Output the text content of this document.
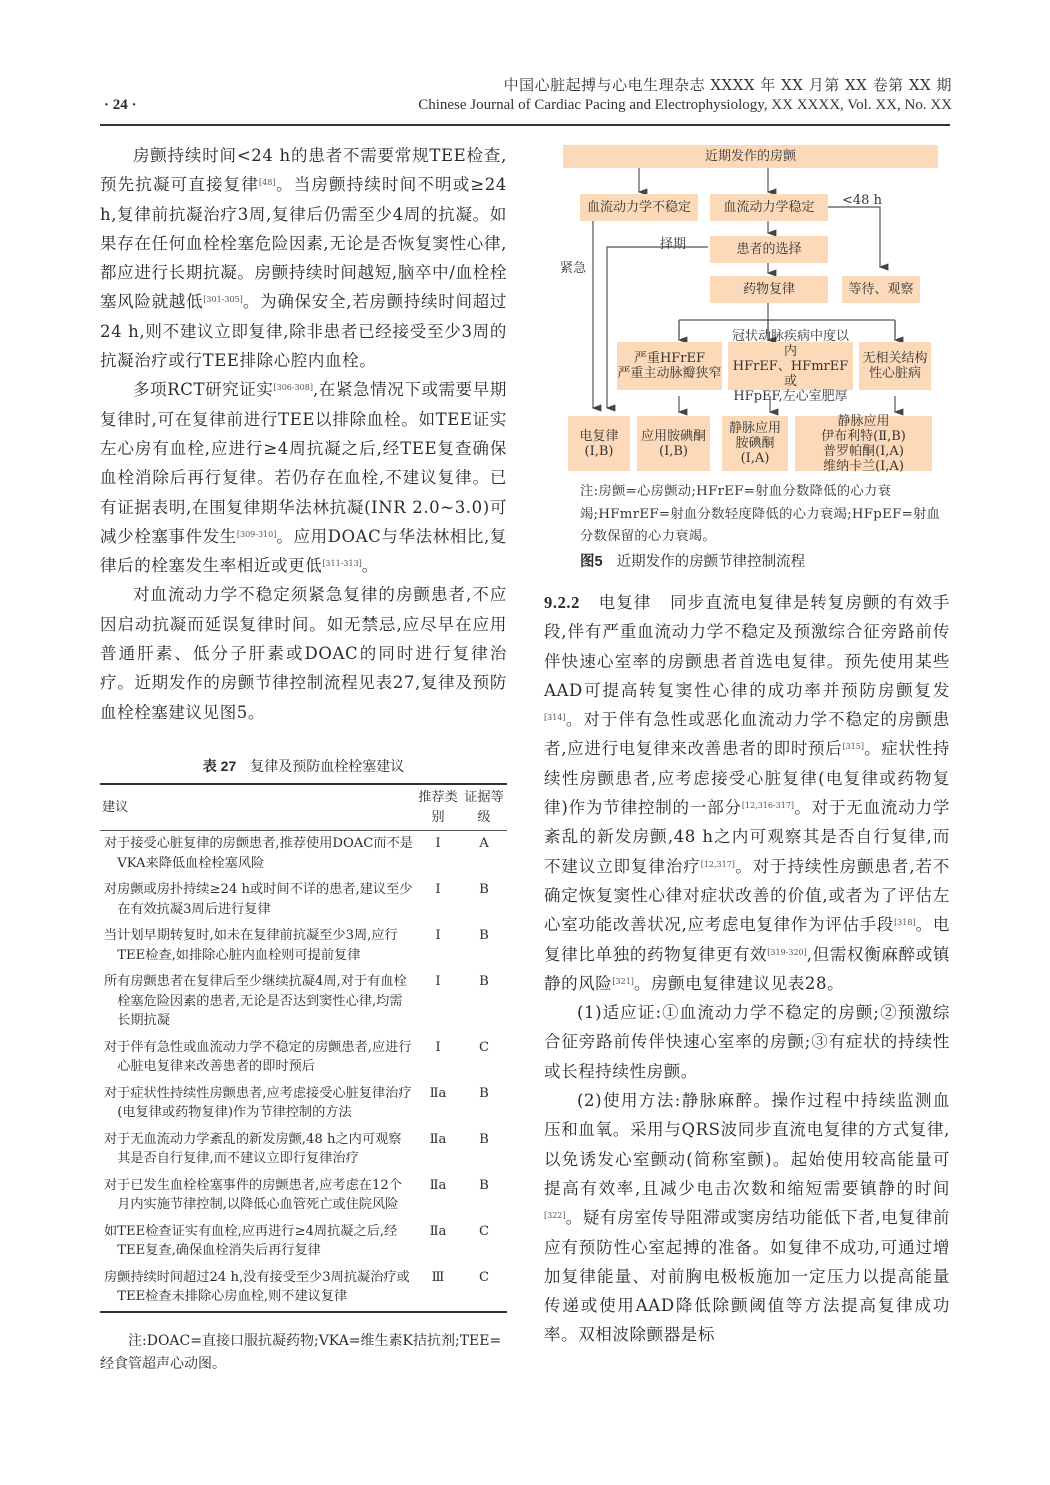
中国心脏起搏与心电生理杂志 XXXX 年 XX 月第 XX 卷第 XX 期
· 24 ·	Chinese Journal of Cardiac Pacing and Electrophysiology, XX XXXX, Vol. XX, No. XX

房颤持续时间<24 h的患者不需要常规TEE检查,预先抗凝可直接复律[48]。当房颤持续时间不明或≥24 h,复律前抗凝治疗3周,复律后仍需至少4周的抗凝。如果存在任何血栓栓塞危险因素,无论是否恢复窦性心律,都应进行长期抗凝。房颤持续时间越短,脑卒中/血栓栓塞风险就越低[301-305]。为确保安全,若房颤持续时间超过24 h,则不建议立即复律,除非患者已经接受至少3周的抗凝治疗或行TEE排除心腔内血栓。

多项RCT研究证实[306-308],在紧急情况下或需要早期复律时,可在复律前进行TEE以排除血栓。如TEE证实左心房有血栓,应进行≥4周抗凝之后,经TEE复查确保血栓消除后再行复律。若仍存在血栓,不建议复律。已有证据表明,在围复律期华法林抗凝(INR 2.0~3.0)可减少栓塞事件发生[309-310]。应用DOAC与华法林相比,复律后的栓塞发生率相近或更低[311-313]。

对血流动力学不稳定须紧急复律的房颤患者,不应因启动抗凝而延误复律时间。如无禁忌,应尽早在应用普通肝素、低分子肝素或DOAC的同时进行复律治疗。近期发作的房颤节律控制流程见表27,复律及预防血栓栓塞建议见图5。

表 27 复律及预防血栓栓塞建议
建议	推荐类别	证据等级
对于接受心脏复律的房颤患者,推荐使用DOAC而不是VKA来降低血栓栓塞风险	Ⅰ	A
对房颤或房扑持续≥24 h或时间不详的患者,建议至少在有效抗凝3周后进行复律	Ⅰ	B
当计划早期转复时,如未在复律前抗凝至少3周,应行TEE检查,如排除心脏内血栓则可提前复律	Ⅰ	B
所有房颤患者在复律后至少继续抗凝4周,对于有血栓栓塞危险因素的患者,无论是否达到窦性心律,均需长期抗凝	Ⅰ	B
对于伴有急性或血流动力学不稳定的房颤患者,应进行心脏电复律来改善患者的即时预后	Ⅰ	C
对于症状性持续性房颤患者,应考虑接受心脏复律治疗(电复律或药物复律)作为节律控制的方法	Ⅱa	B
对于无血流动力学紊乱的新发房颤,48 h之内可观察其是否自行复律,而不建议立即行复律治疗	Ⅱa	B
对于已发生血栓栓塞事件的房颤患者,应考虑在12个月内实施节律控制,以降低心血管死亡或住院风险	Ⅱa	B
如TEE检查证实有血栓,应再进行≥4周抗凝之后,经TEE复查,确保血栓消失后再行复律	Ⅱa	C
房颤持续时间超过24 h,没有接受至少3周抗凝治疗或TEE检查未排除心房血栓,则不建议复律	Ⅲ	C
注:DOAC=直接口服抗凝药物;VKA=维生素K拮抗剂;TEE=经食管超声心动图。
近期发作的房颤
血流动力学不稳定	血流动力学稳定
患者的选择
药物复律	等待、观察
严重HFrEF
严重主动脉瓣狭窄
冠状动脉疾病中度以内
HFrEF、HFmrEF或
HFpEF,左心室肥厚
无相关结构
性心脏病
电复律
(Ⅰ,B)
应用胺碘酮
(Ⅰ,B)
静脉应用
胺碘酮
(Ⅰ,A)
静脉应用
伊布利特(Ⅱ,B)
普罗帕酮(Ⅰ,A)
维纳卡兰(Ⅰ,A)
<48 h
紧急
择期
注:房颤=心房颤动;HFrEF=射血分数降低的心力衰竭;HFmrEF=射血分数轻度降低的心力衰竭;HFpEF=射血分数保留的心力衰竭。
图5 近期发作的房颤节律控制流程

9.2.2 电复律 同步直流电复律是转复房颤的有效手段,伴有严重血流动力学不稳定及预激综合征旁路前传伴快速心室率的房颤患者首选电复律。预先使用某些AAD可提高转复窦性心律的成功率并预防房颤复发[314]。对于伴有急性或恶化血流动力学不稳定的房颤患者,应进行电复律来改善患者的即时预后[315]。症状性持续性房颤患者,应考虑接受心脏复律(电复律或药物复律)作为节律控制的一部分[12,316-317]。对于无血流动力学紊乱的新发房颤,48 h之内可观察其是否自行复律,而不建议立即复律治疗[12,317]。对于持续性房颤患者,若不确定恢复窦性心律对症状改善的价值,或者为了评估左心室功能改善状况,应考虑电复律作为评估手段[318]。电复律比单独的药物复律更有效[319-320],但需权衡麻醉或镇静的风险[321]。房颤电复律建议见表28。

(1)适应证:①血流动力学不稳定的房颤;②预激综合征旁路前传伴快速心室率的房颤;③有症状的持续性或长程持续性房颤。

(2)使用方法:静脉麻醉。操作过程中持续监测血压和血氧。采用与QRS波同步直流电复律的方式复律,以免诱发心室颤动(简称室颤)。起始使用较高能量可提高有效率,且减少电击次数和缩短需要镇静的时间[322]。疑有房室传导阻滞或窦房结功能低下者,电复律前应有预防性心室起搏的准备。如复律不成功,可通过增加复律能量、对前胸电极板施加一定压力以提高能量传递或使用AAD降低除颤阈值等方法提高复律成功率。双相波除颤器是标
